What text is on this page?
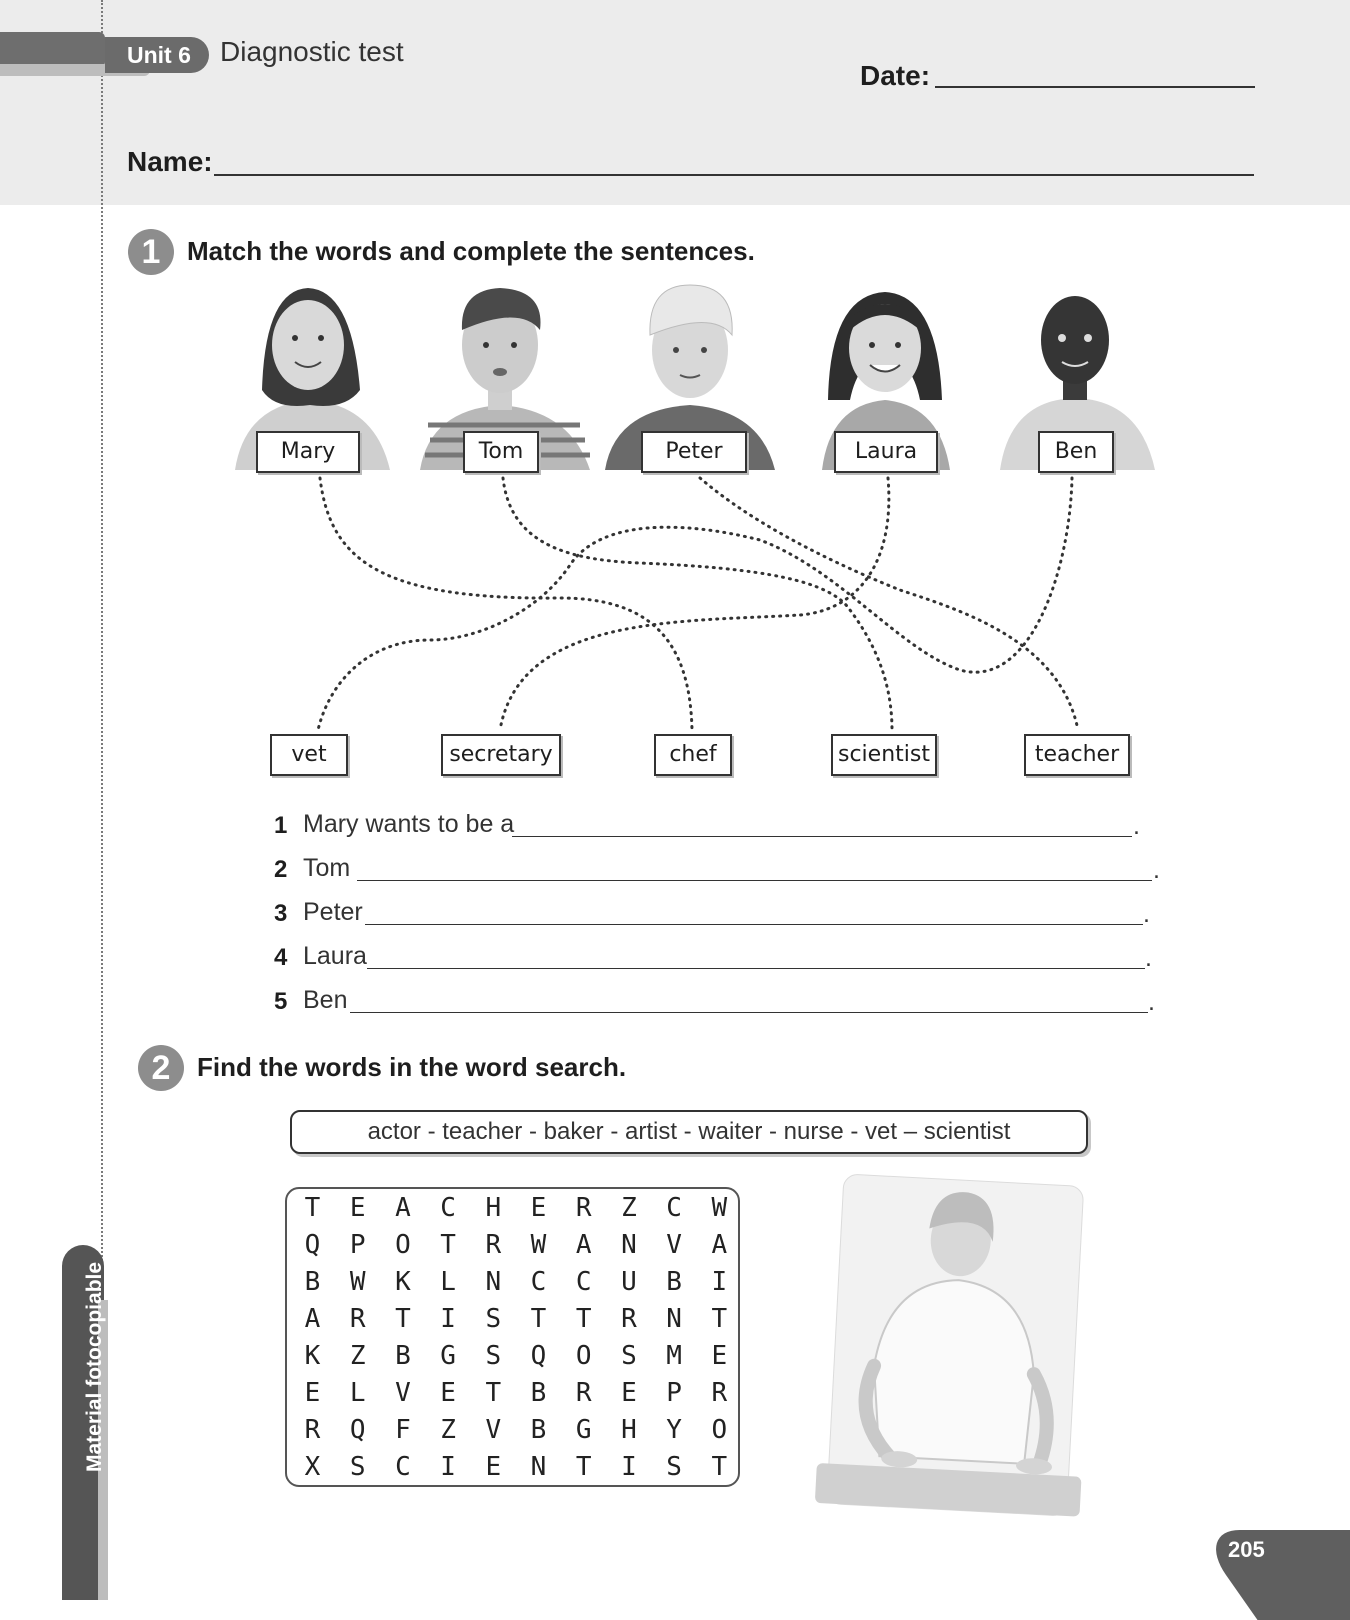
Unit 6	Diagnostic test
Date:
Name:
1	Match the words and complete the sentences.
Mary	Tom	Peter	Laura	Ben
vet	secretary	chef	scientist	teacher
1 Mary wants to be a	.
2 Tom	.
3 Peter	.
4 Laura	.
5 Ben	.
2	Find the words in the word search.
actor - teacher - baker - artist - waiter - nurse - vet – scientist
T	E	A	C	H	E	R	Z	C	W
Q	P	O	T	R	W	A	N	V	A
B	W	K	L	N	C	C	U	B	I
A	R	T	I	S	T	T	R	N	T
K	Z	B	G	S	Q	O	S	M	E
E	L	V	E	T	B	R	E	P	R
R	Q	F	Z	V	B	G	H	Y	O
X	S	C	I	E	N	T	I	S	T
Material fotocopiable
205
